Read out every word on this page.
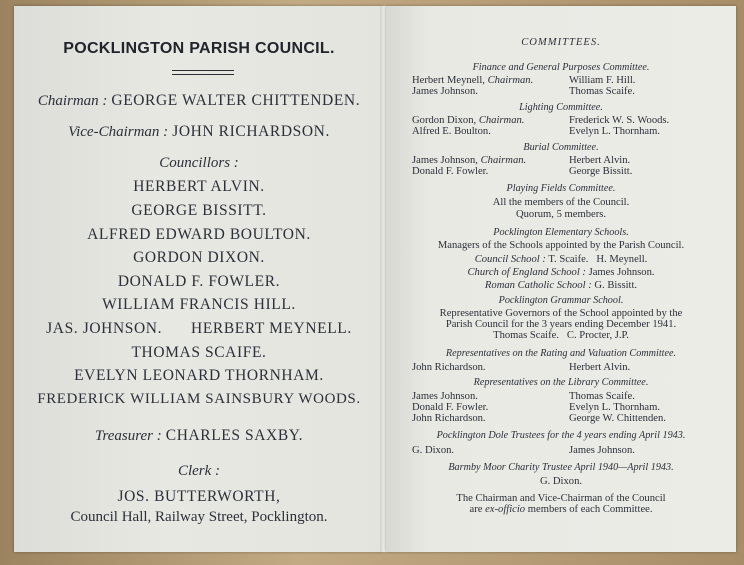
POCKLINGTON PARISH COUNCIL.
Chairman : GEORGE WALTER CHITTENDEN.
Vice-Chairman : JOHN RICHARDSON.
Councillors :
HERBERT ALVIN.
GEORGE BISSITT.
ALFRED EDWARD BOULTON.
GORDON DIXON.
DONALD F. FOWLER.
WILLIAM FRANCIS HILL.
JAS. JOHNSON. HERBERT MEYNELL.
THOMAS SCAIFE.
EVELYN LEONARD THORNHAM.
FREDERICK WILLIAM SAINSBURY WOODS.
Treasurer : CHARLES SAXBY.
Clerk :
JOS. BUTTERWORTH,
Council Hall, Railway Street, Pocklington.
COMMITTEES.
Finance and General Purposes Committee.
Herbert Meynell, Chairman.	William F. Hill.
James Johnson.	Thomas Scaife.
Lighting Committee.
Gordon Dixon, Chairman.	Frederick W. S. Woods.
Alfred E. Boulton.	Evelyn L. Thornham.
Burial Committee.
James Johnson, Chairman.	Herbert Alvin.
Donald F. Fowler.	George Bissitt.
Playing Fields Committee.
All the members of the Council.
Quorum, 5 members.
Pocklington Elementary Schools.
Managers of the Schools appointed by the Parish Council.
Council School : T. Scaife.   H. Meynell.
Church of England School : James Johnson.
Roman Catholic School : G. Bissitt.
Pocklington Grammar School.
Representative Governors of the School appointed by the
Parish Council for the 3 years ending December 1941.
Thomas Scaife.   C. Procter, J.P.
Representatives on the Rating and Valuation Committee.
John Richardson.	Herbert Alvin.
Representatives on the Library Committee.
James Johnson.	Thomas Scaife.
Donald F. Fowler.	Evelyn L. Thornham.
John Richardson.	George W. Chittenden.
Pocklington Dole Trustees for the 4 years ending April 1943.
G. Dixon.	James Johnson.
Barmby Moor Charity Trustee April 1940—April 1943.
G. Dixon.
The Chairman and Vice-Chairman of the Council
are ex-officio members of each Committee.
